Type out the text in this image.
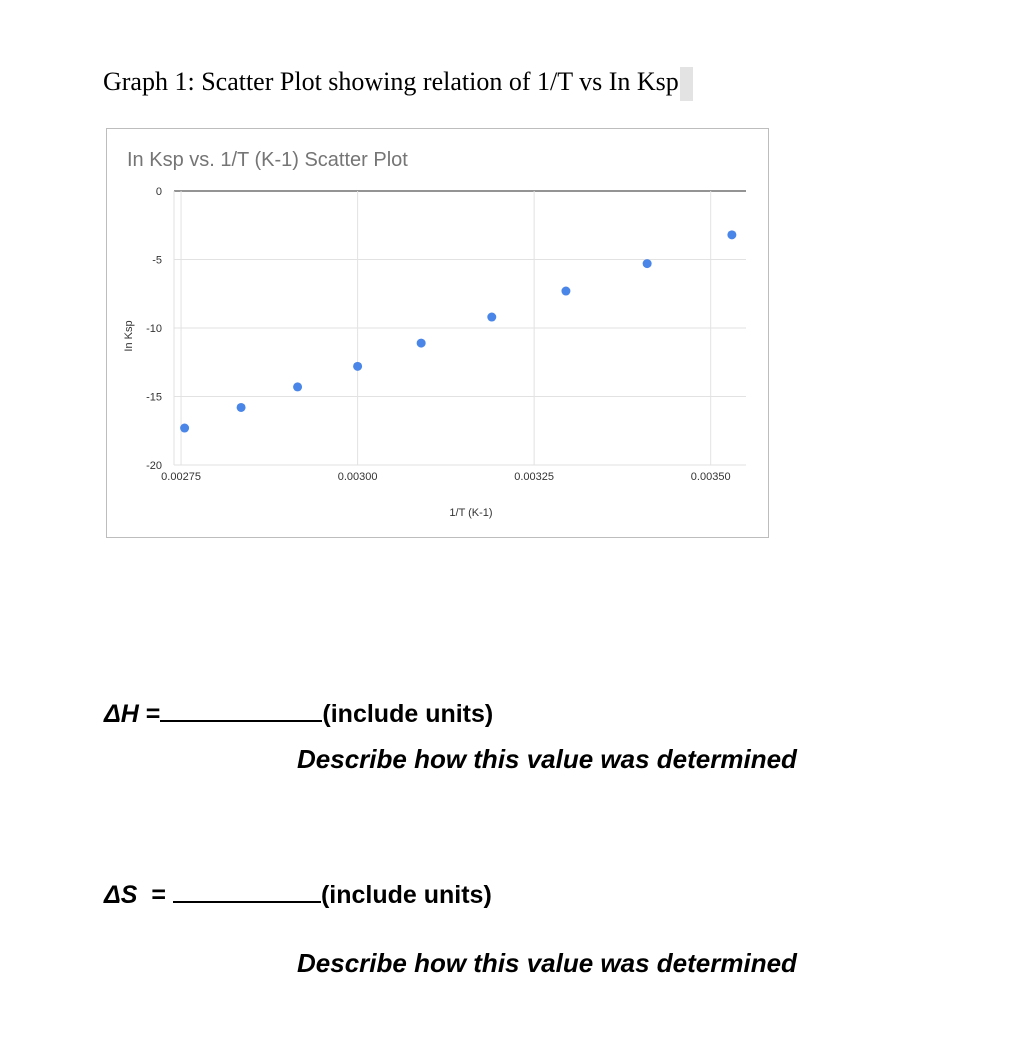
Graph 1: Scatter Plot showing relation of 1/T vs In Ksp
In Ksp vs. 1/T (K-1) Scatter Plot
0
-5
-10
-15
-20
0.00275	0.00300	0.00325	0.00350
1/T (K-1)
In Ksp
ΔH =	(include units)
Describe how this value was determined
ΔS =	(include units)
Describe how this value was determined
